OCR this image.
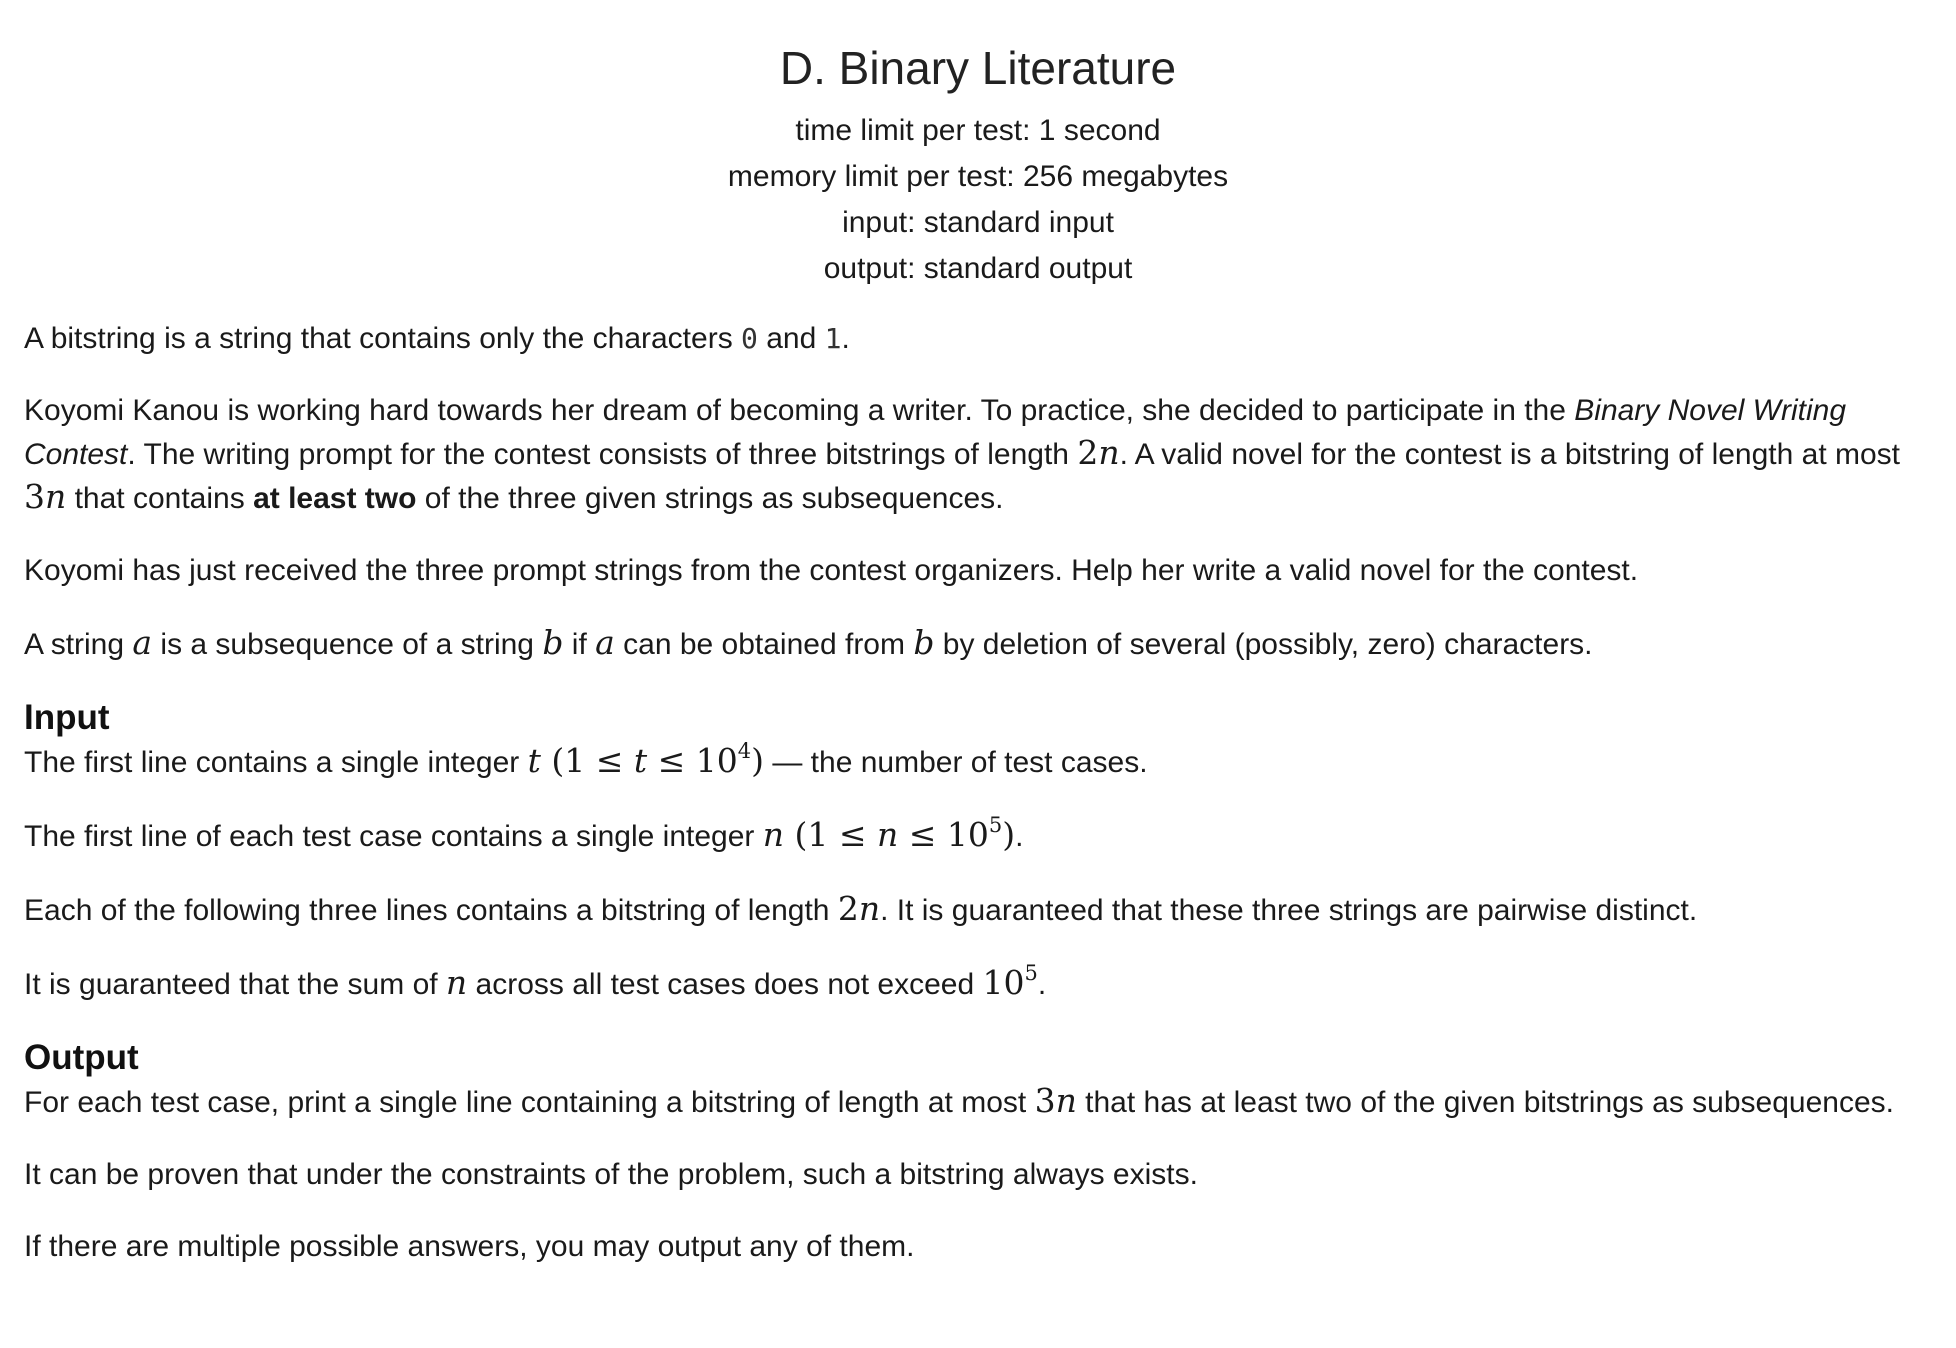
D. Binary Literature
time limit per test: 1 second
memory limit per test: 256 megabytes
input: standard input
output: standard output

A bitstring is a string that contains only the characters 0 and 1.

Koyomi Kanou is working hard towards her dream of becoming a writer. To practice, she decided to participate in the Binary Novel Writing Contest. The writing prompt for the contest consists of three bitstrings of length 2n. A valid novel for the contest is a bitstring of length at most 3n that contains at least two of the three given strings as subsequences.

Koyomi has just received the three prompt strings from the contest organizers. Help her write a valid novel for the contest.

A string a is a subsequence of a string b if a can be obtained from b by deletion of several (possibly, zero) characters.

Input

The first line contains a single integer t $(1 \le t \le 10^4)$ — the number of test cases.

The first line of each test case contains a single integer n $(1 \le n \le 10^5)$.

Each of the following three lines contains a bitstring of length 2n. It is guaranteed that these three strings are pairwise distinct.

It is guaranteed that the sum of n across all test cases does not exceed $10^5$.

Output

For each test case, print a single line containing a bitstring of length at most 3n that has at least two of the given bitstrings as subsequences.

It can be proven that under the constraints of the problem, such a bitstring always exists.

If there are multiple possible answers, you may output any of them.
